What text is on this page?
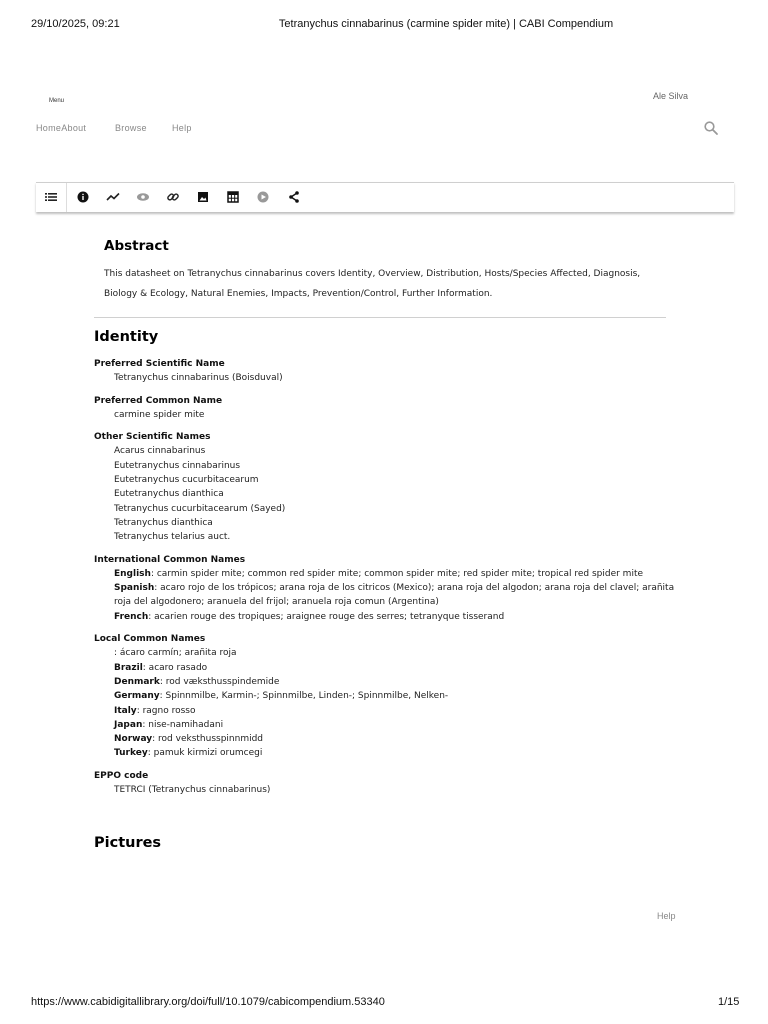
29/10/2025, 09:21	Tetranychus cinnabarinus (carmine spider mite) | CABI Compendium
Menu	Ale Silva
HomeAbout	Browse	Help
Abstract
This datasheet on Tetranychus cinnabarinus covers Identity, Overview, Distribution, Hosts/Species Affected, Diagnosis, Biology & Ecology, Natural Enemies, Impacts, Prevention/Control, Further Information.
Identity
Preferred Scientific Name
Tetranychus cinnabarinus (Boisduval)
Preferred Common Name
carmine spider mite
Other Scientific Names
Acarus cinnabarinus
Eutetranychus cinnabarinus
Eutetranychus cucurbitacearum
Eutetranychus dianthica
Tetranychus cucurbitacearum (Sayed)
Tetranychus dianthica
Tetranychus telarius auct.
International Common Names
English: carmin spider mite; common red spider mite; common spider mite; red spider mite; tropical red spider mite
Spanish: acaro rojo de los trópicos; arana roja de los citricos (Mexico); arana roja del algodon; arana roja del clavel; arañita roja del algodonero; aranuela del frijol; aranuela roja comun (Argentina)
French: acarien rouge des tropiques; araignee rouge des serres; tetranyque tisserand
Local Common Names
: ácaro carmín; arañita roja
Brazil: acaro rasado
Denmark: rod væksthusspindemide
Germany: Spinnmilbe, Karmin-; Spinnmilbe, Linden-; Spinnmilbe, Nelken-
Italy: ragno rosso
Japan: nise-namihadani
Norway: rod veksthusspinnmidd
Turkey: pamuk kirmizi orumcegi
EPPO code
TETRCI (Tetranychus cinnabarinus)
Pictures
Help
https://www.cabidigitallibrary.org/doi/full/10.1079/cabicompendium.53340	1/15
